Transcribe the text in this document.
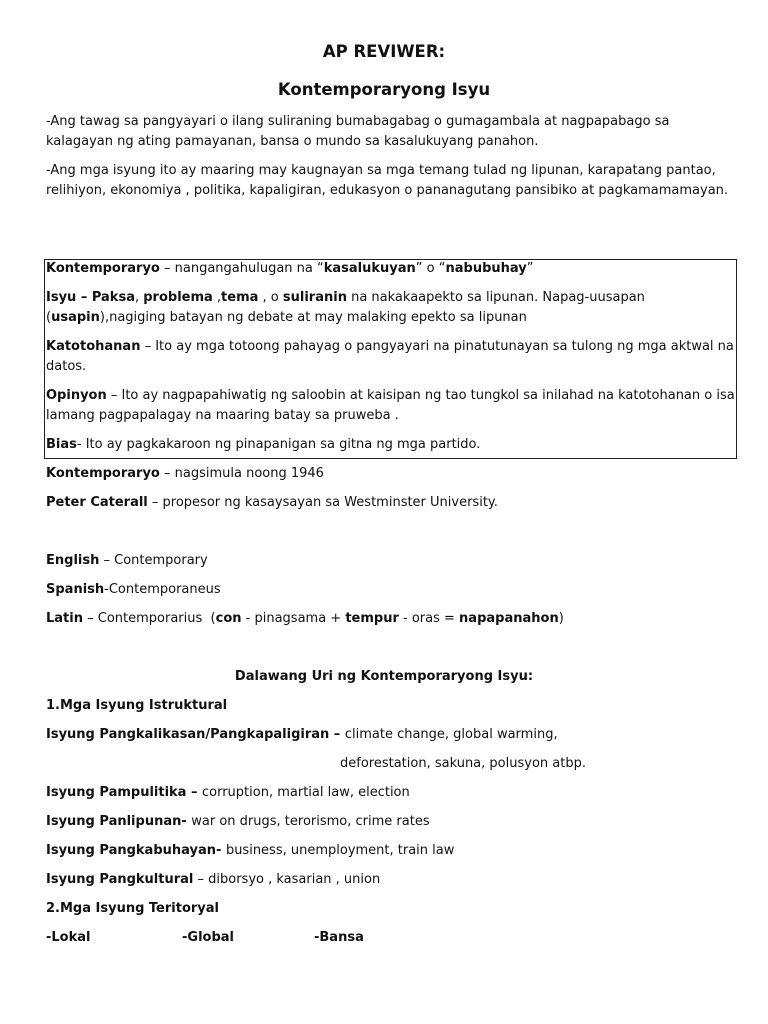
AP REVIWER:
Kontemporaryong Isyu
-Ang tawag sa pangyayari o ilang suliraning bumabagabag o gumagambala at nagpapabago sa kalagayan ng ating pamayanan, bansa o mundo sa kasalukuyang panahon.
-Ang mga isyung ito ay maaring may kaugnayan sa mga temang tulad ng lipunan, karapatang pantao, relihiyon, ekonomiya , politika, kapaligiran, edukasyon o pananagutang pansibiko at pagkamamamayan.
Kontemporaryo – nangangahulugan na “kasalukuyan” o “nabubuhay”
Isyu – Paksa, problema ,tema , o suliranin na nakakaapekto sa lipunan. Napag-uusapan (usapin),nagiging batayan ng debate at may malaking epekto sa lipunan
Katotohanan – Ito ay mga totoong pahayag o pangyayari na pinatutunayan sa tulong ng mga aktwal na datos.
Opinyon – Ito ay nagpapahiwatig ng saloobin at kaisipan ng tao tungkol sa inilahad na katotohanan o isa lamang pagpapalagay na maaring batay sa pruweba .
Bias- Ito ay pagkakaroon ng pinapanigan sa gitna ng mga partido.
Kontemporaryo – nagsimula noong 1946
Peter Caterall – propesor ng kasaysayan sa Westminster University.
English – Contemporary
Spanish-Contemporaneus
Latin – Contemporarius  (con - pinagsama + tempur - oras = napapanahon)
Dalawang Uri ng Kontemporaryong Isyu:
1.Mga Isyung Istruktural
Isyung Pangkalikasan/Pangkapaligiran – climate change, global warming,
deforestation, sakuna, polusyon atbp.
Isyung Pampulitika – corruption, martial law, election
Isyung Panlipunan- war on drugs, terorismo, crime rates
Isyung Pangkabuhayan- business, unemployment, train law
Isyung Pangkultural – diborsyo , kasarian , union
2.Mga Isyung Teritoryal
-Lokal	-Global	-Bansa
